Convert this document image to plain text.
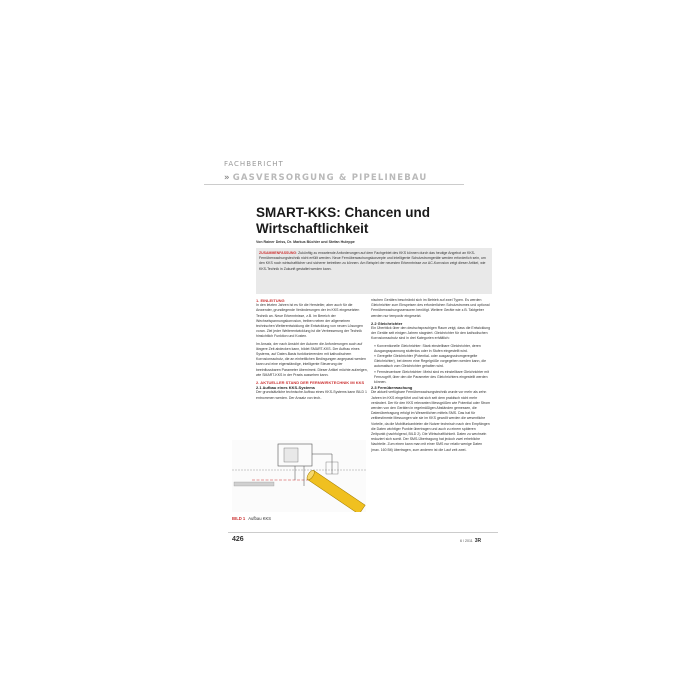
FACHBERICHT
» GASVERSORGUNG & PIPELINEBAU
SMART-KKS: Chancen und Wirtschaftlichkeit
Von Rainer Deiss, Dr. Markus Büchler und Stefan Huleppe
ZUSAMMENFASSUNG: Zukünftig zu erwartende Anforderungen auf dem Fachgebiet des KKS können durch das heutige Angebot an KKS-Fernüberwachungstechnik nicht erfüllt werden. Neue Fernüberwachungskonzepte und intelligente Schutzstromgeräte werden erforderlich sein, um den KKS noch wirtschaftlicher und sicherer betreiben zu können. Am Beispiel der neuesten Erkenntnisse zur AC-Korrosion zeigt dieser Artikel, wie KKS-Technik in Zukunft gestaltet werden kann.

1. EINLEITUNG

In den letzten Jahren ist es für die Hersteller, aber auch für die Anwender, grundlegende Veränderungen der im KKS eingesetzten Technik an. Neue Erkenntnisse, z.B. im Bereich der Wechselspannungskorrosion, treiben neben der allgemeinen technischen Weiterentwicklung die Entwicklung von neuen Lösungen voran. Ziel jeder Weiterentwicklung ist die Verbesserung der Technik hinsichtlich Funktion und Kosten.

Im Ansatz, der nach Ansicht der Autoren die Anforderungen auch auf längere Zeit abdecken kann, bildet SMART-KKS. Der Aufbau eines Systems, auf Daten-Basis funktionierenden mit kathodischem Korrosionsschutz, die an einheitlichen Bedingungen angepasst werden kann und eine eigenständige, intelligente Steuerung der beeinflussbaren Parameter übernimmt. Dieser Artikel möchte aufzeigen, wie SMART-KKS in der Praxis aussehen kann.

2. AKTUELLER STAND DER FERNWIRKTECHNIK IM KKS

2.1 Aufbau eines KKS-Systems

Der grundsätzliche technische Aufbau eines KKS-Systems kann BILD 1 entnommen werden. Der Ansatz von tech-

nischen Geräten beschränkt sich im Betrieb auf zwei Typen. Es werden Gleichrichter zum Einspeisen des erforderlichen Schutzstromes und optional Fernüberwachungssensoren benötigt. Weitere Geräte wie z.B. Taktgeber werden nur temporär eingesetzt.

2.2 Gleichrichter

Ein Überblick über den deutschsprachigen Raum zeigt, dass die Entwicklung der Geräte seit einigen Jahren stagniert. Gleichrichter für den kathodischen Korrosionsschutz sind in drei Kategorien erhältlich:

» Konventionelle Gleichrichter: Stark einstellbare Gleichrichter, deren Ausgangsspannung stufenlos oder in Stufen eingestellt wird.

» Geregelte Gleichrichter (Potential- oder ausgangsstromgeregelte Gleichrichter), bei denen eine Regelgröße vorgegeben werden kann, die automatisch vom Gleichrichter gehalten wird.

» Fernsteuerbare Gleichrichter: Meist sind es einstellbare Gleichrichter mit Fernzugriff, über den die Parameter des Gleichrichters eingestellt werden können.

2.3 Fernüberwachung

Die aktuell verfügbare Fernüberwachungstechnik wurde vor mehr als zehn Jahren im KKS eingeführt und hat sich seit dem praktisch nicht mehr verändert. Der für den KKS relevanten Messgrößen wie Potential oder Strom werden von den Geräten in regelmäßigen Abständen gemessen, die Datenübertragung erfolgt im Wesentlichen mittels SMS. Das hat für zeitbestimmte Messungen wie sie im KKS gewollt werden die wesentliche Vorteile, da die Mobilfunkanbieter die Nutzer technisch nach den Empfängen die Daten wichtiger Punkte übertragen und auch zu einem späteren Zeitpunkt (nachfolgend, BILD 2). Die Wirtschaftlichkeit. Daten zu wechseln reduziert sich somit. Der SMS-Übertragung hat jedoch zwei erhebliche Nachteile. Zum einen kann man mit einer SMS nur relativ wenige Daten (max. 160 Bit) übertragen, zum anderen ist die Lauf zeit zwei-

BILD 1 Aufbau KKS
426	6 / 2011 3R
